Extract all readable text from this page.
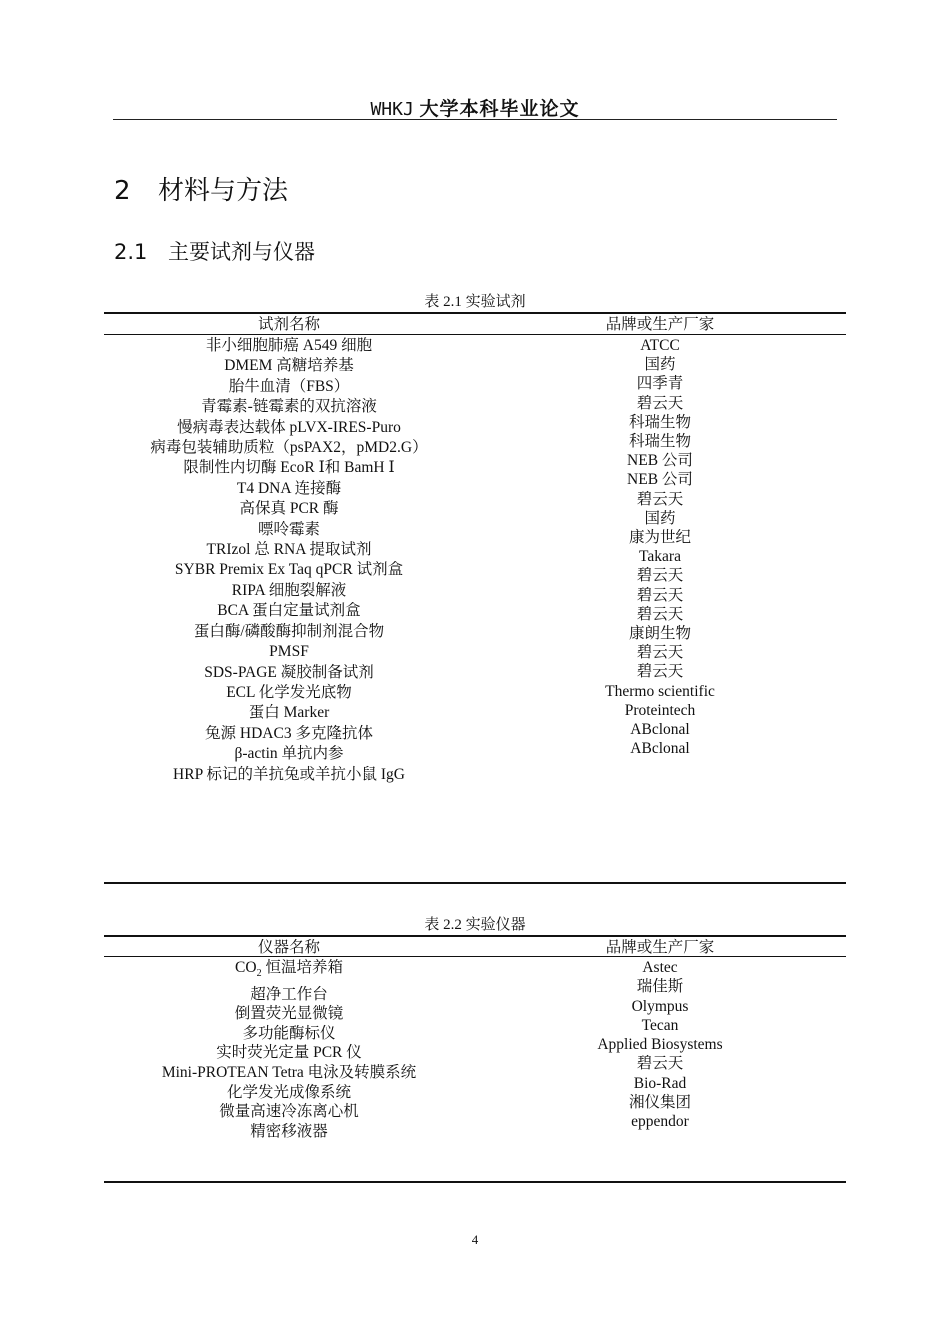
WHKJ 大学本科毕业论文
2 材料与方法
2.1 主要试剂与仪器
表 2.1 实验试剂
试剂名称	品牌或生产厂家
非小细胞肺癌 A549 细胞
DMEM 高糖培养基
胎牛血清（FBS）
青霉素-链霉素的双抗溶液
慢病毒表达载体 pLVX-IRES-Puro
病毒包装辅助质粒（psPAX2，pMD2.G）
限制性内切酶 EcoR Ⅰ和 BamH Ⅰ
T4 DNA 连接酶
高保真 PCR 酶
嘌呤霉素
TRIzol 总 RNA 提取试剂
SYBR Premix Ex Taq qPCR 试剂盒
RIPA 细胞裂解液
BCA 蛋白定量试剂盒
蛋白酶/磷酸酶抑制剂混合物
PMSF
SDS-PAGE 凝胶制备试剂
ECL 化学发光底物
蛋白 Marker
兔源 HDAC3 多克隆抗体
β-actin 单抗内参
HRP 标记的羊抗兔或羊抗小鼠 IgG
ATCC
国药
四季青
碧云天
科瑞生物
科瑞生物
NEB 公司
NEB 公司
碧云天
国药
康为世纪
Takara
碧云天
碧云天
碧云天
康朗生物
碧云天
碧云天
Thermo scientific
Proteintech
ABclonal
ABclonal
表 2.2 实验仪器
仪器名称	品牌或生产厂家
$CO_2$ 恒温培养箱
超净工作台
倒置荧光显微镜
多功能酶标仪
实时荧光定量 PCR 仪
Mini-PROTEAN Tetra 电泳及转膜系统
化学发光成像系统
微量高速冷冻离心机
精密移液器
Astec
瑞佳斯
Olympus
Tecan
Applied Biosystems
碧云天
Bio-Rad
湘仪集团
eppendor
4
